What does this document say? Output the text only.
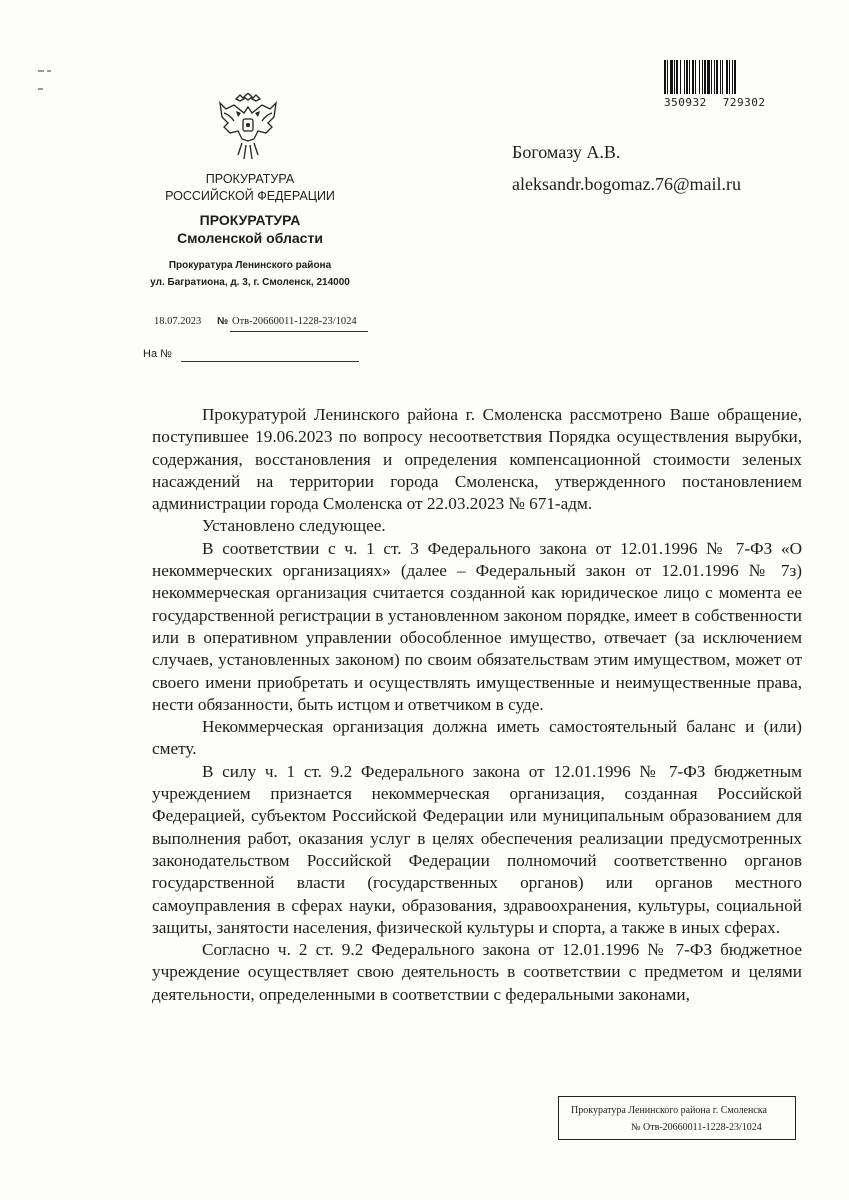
350932 729302
ПРОКУРАТУРА
РОССИЙСКОЙ ФЕДЕРАЦИИ
ПРОКУРАТУРА
Смоленской области
Прокуратура Ленинского района
ул. Багратиона, д. 3, г. Смоленск, 214000
18.07.2023 № Отв-20660011-1228-23/1024
На №
Богомазу А.В.
aleksandr.bogomaz.76@mail.ru

Прокуратурой Ленинского района г. Смоленска рассмотрено Ваше обращение, поступившее 19.06.2023 по вопросу несоответствия Порядка осуществления вырубки, содержания, восстановления и определения компенсационной стоимости зеленых насаждений на территории города Смоленска, утвержденного постановлением администрации города Смоленска от 22.03.2023 № 671-адм.

Установлено следующее.

В соответствии с ч. 1 ст. 3 Федерального закона от 12.01.1996 № 7-ФЗ «О некоммерческих организациях» (далее – Федеральный закон от 12.01.1996 № 7з) некоммерческая организация считается созданной как юридическое лицо с момента ее государственной регистрации в установленном законом порядке, имеет в собственности или в оперативном управлении обособленное имущество, отвечает (за исключением случаев, установленных законом) по своим обязательствам этим имуществом, может от своего имени приобретать и осуществлять имущественные и неимущественные права, нести обязанности, быть истцом и ответчиком в суде.

Некоммерческая организация должна иметь самостоятельный баланс и (или) смету.

В силу ч. 1 ст. 9.2 Федерального закона от 12.01.1996 № 7-ФЗ бюджетным учреждением признается некоммерческая организация, созданная Российской Федерацией, субъектом Российской Федерации или муниципальным образованием для выполнения работ, оказания услуг в целях обеспечения реализации предусмотренных законодательством Российской Федерации полномочий соответственно органов государственной власти (государственных органов) или органов местного самоуправления в сферах науки, образования, здравоохранения, культуры, социальной защиты, занятости населения, физической культуры и спорта, а также в иных сферах.

Согласно ч. 2 ст. 9.2 Федерального закона от 12.01.1996 № 7-ФЗ бюджетное учреждение осуществляет свою деятельность в соответствии с предметом и целями деятельности, определенными в соответствии с федеральными законами,

Прокуратура Ленинского района г. Смоленска
№ Отв-20660011-1228-23/1024
